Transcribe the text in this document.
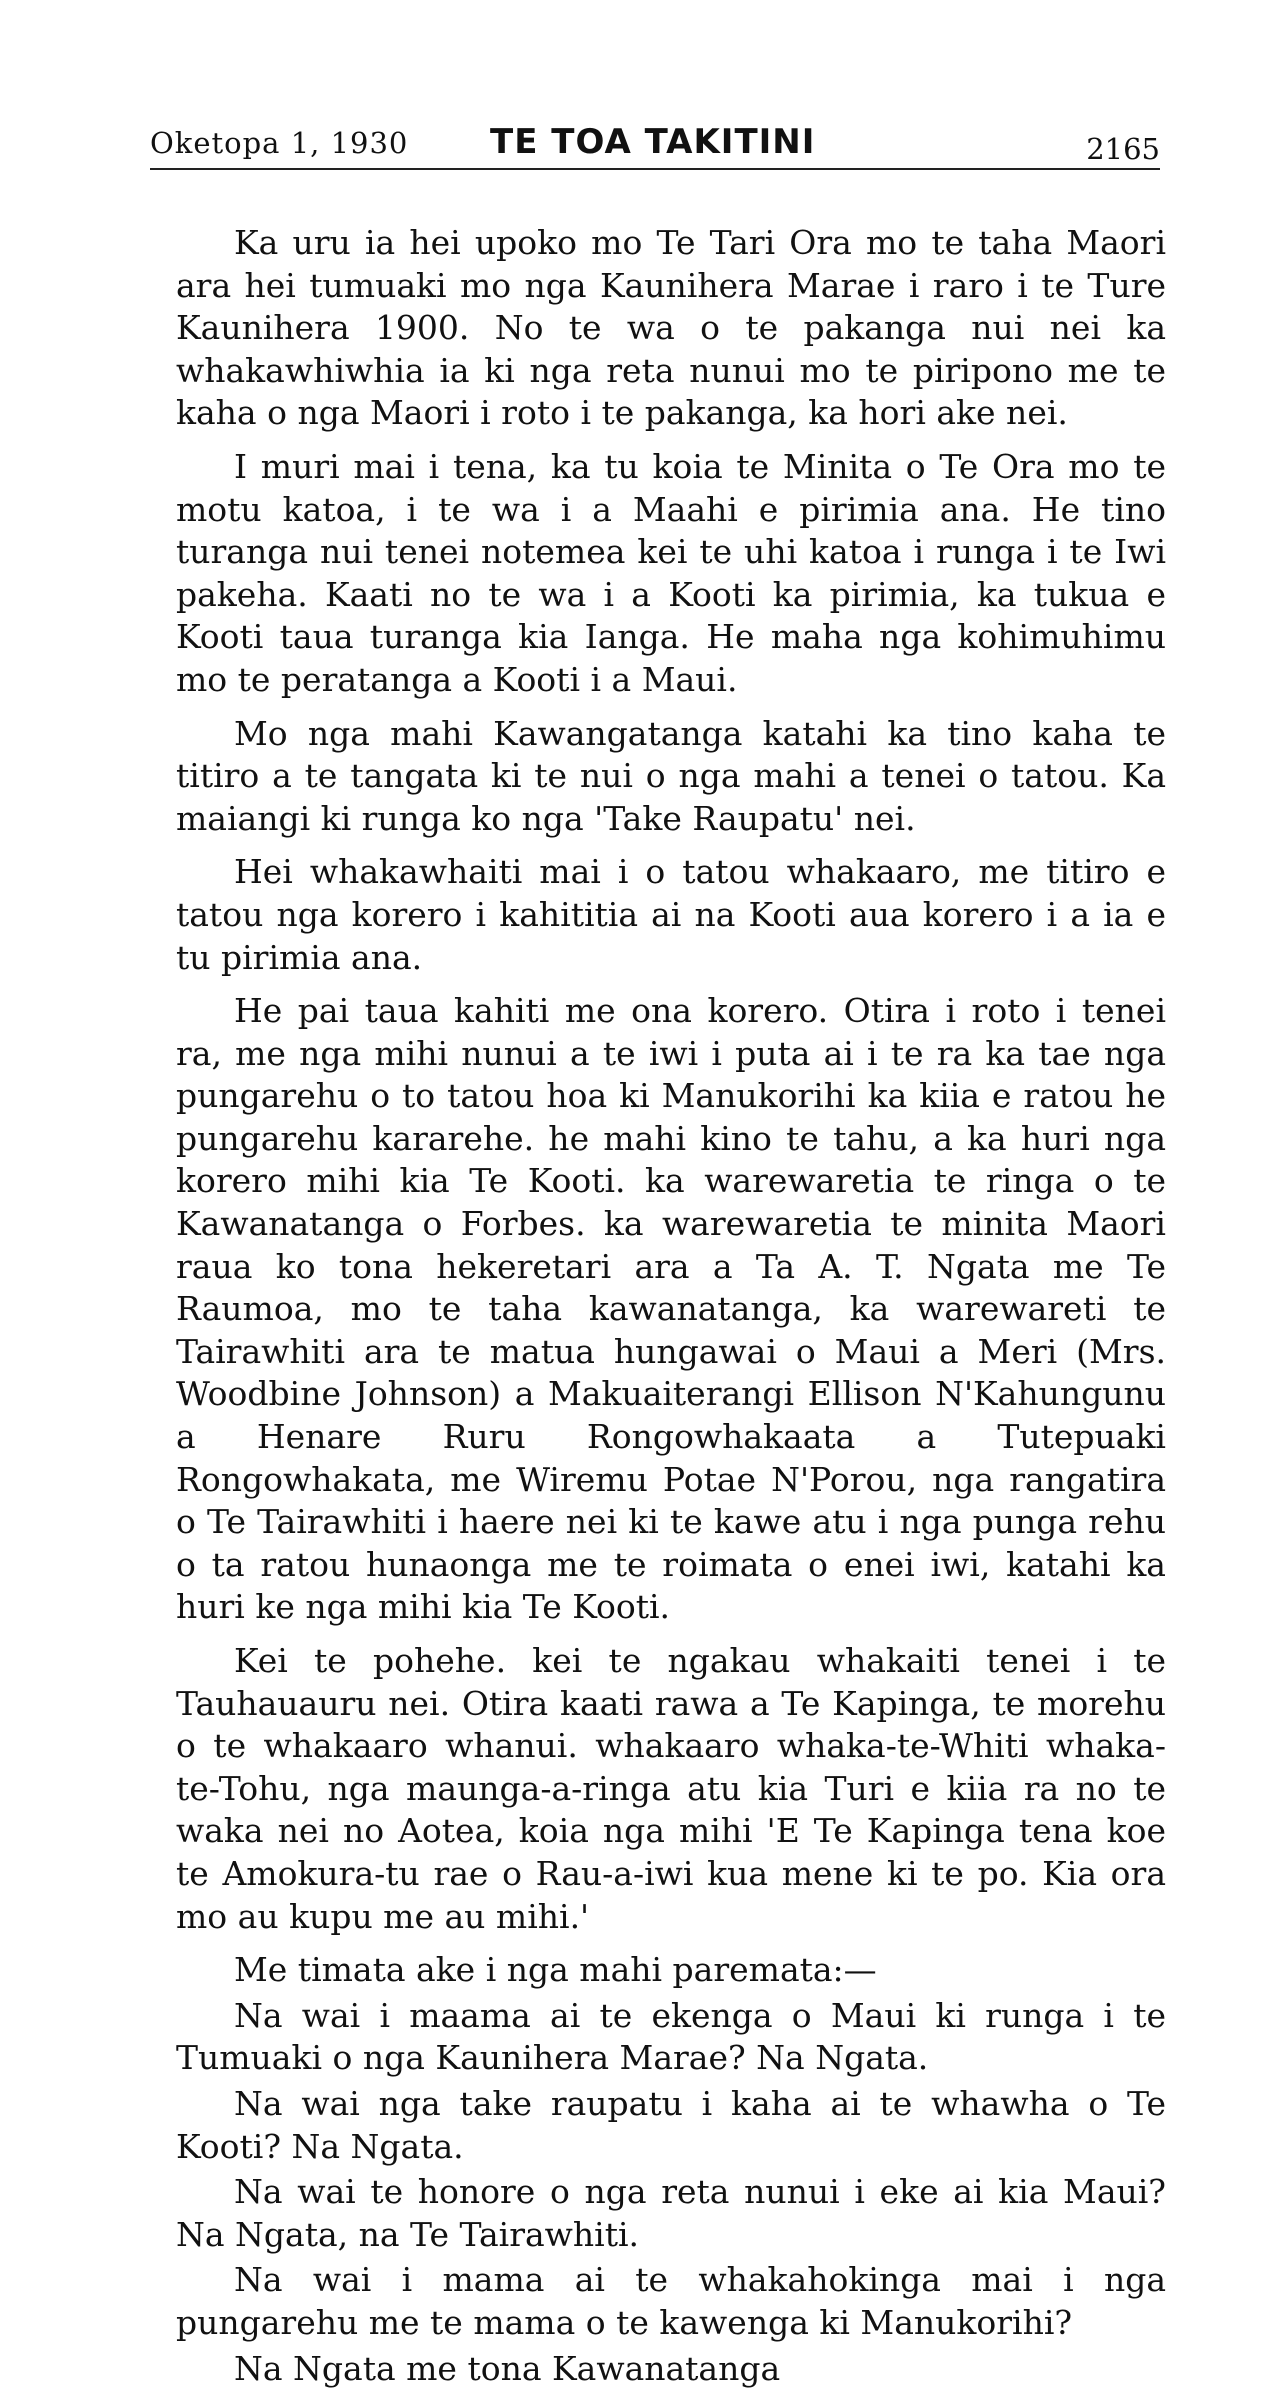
Oketopa 1, 1930 TE TOA TAKITINI	2165

Ka uru ia hei upoko mo Te Tari Ora mo te taha Maori ara hei tumuaki mo nga Kaunihera Marae i raro i te Ture Kaunihera 1900. No te wa o te pakanga nui nei ka whakawhiwhia ia ki nga reta nunui mo te piripono me te kaha o nga Maori i roto i te pakanga, ka hori ake nei.

I muri mai i tena, ka tu koia te Minita o Te Ora mo te motu katoa, i te wa i a Maahi e pirimia ana. He tino turanga nui tenei notemea kei te uhi katoa i runga i te Iwi pakeha. Kaati no te wa i a Kooti ka pirimia, ka tukua e Kooti taua turanga kia Ianga. He maha nga kohimuhimu mo te peratanga a Kooti i a Maui.

Mo nga mahi Kawangatanga katahi ka tino kaha te titiro a te tangata ki te nui o nga mahi a tenei o tatou. Ka maiangi ki runga ko nga 'Take Raupatu' nei.

Hei whakawhaiti mai i o tatou whakaaro, me titiro e tatou nga korero i kahititia ai na Kooti aua korero i a ia e tu pirimia ana.

He pai taua kahiti me ona korero. Otira i roto i tenei ra, me nga mihi nunui a te iwi i puta ai i te ra ka tae nga pungarehu o to tatou hoa ki Manukorihi ka kiia e ratou he pungarehu kararehe. he mahi kino te tahu, a ka huri nga korero mihi kia Te Kooti. ka warewaretia te ringa o te Kawanatanga o Forbes. ka warewaretia te minita Maori raua ko tona hekeretari ara a Ta A. T. Ngata me Te Raumoa, mo te taha kawanatanga, ka warewareti te Tairawhiti ara te matua hungawai o Maui a Meri (Mrs. Woodbine Johnson) a Makuaiterangi Ellison N'Kahungunu a Henare Ruru Rongowhakaata a Tutepuaki Rongowhakata, me Wiremu Potae N'Porou, nga rangatira o Te Tairawhiti i haere nei ki te kawe atu i nga punga rehu o ta ratou hunaonga me te roimata o enei iwi, katahi ka huri ke nga mihi kia Te Kooti.

Kei te pohehe. kei te ngakau whakaiti tenei i te Tauhauauru nei. Otira kaati rawa a Te Kapinga, te morehu o te whakaaro whanui. whakaaro whaka-te-Whiti whaka-te-Tohu, nga maunga-a-ringa atu kia Turi e kiia ra no te waka nei no Aotea, koia nga mihi 'E Te Kapinga tena koe te Amokura-tu rae o Rau-a-iwi kua mene ki te po. Kia ora mo au kupu me au mihi.'

Me timata ake i nga mahi paremata:—

Na wai i maama ai te ekenga o Maui ki runga i te Tumuaki o nga Kaunihera Marae? Na Ngata.

Na wai nga take raupatu i kaha ai te whawha o Te Kooti? Na Ngata.

Na wai te honore o nga reta nunui i eke ai kia Maui? Na Ngata, na Te Tairawhiti.

Na wai i mama ai te whakahokinga mai i nga pungarehu me te mama o te kawenga ki Manukorihi?

Na Ngata me tona Kawanatanga
